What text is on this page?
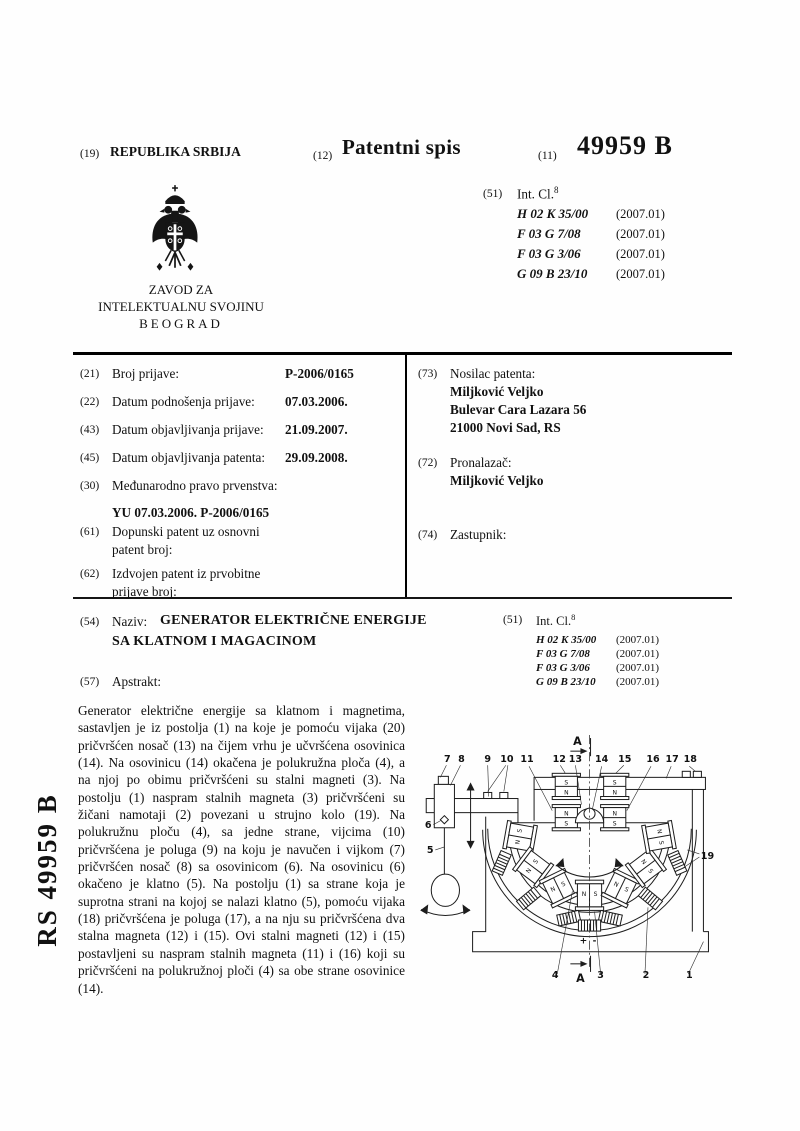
(19) REPUBLIKA SRBIJA	(12) Patentni spis	(11) 49959 B
ZAVOD ZA
INTELEKTUALNU SVOJINU
BEOGRAD
(51) Int. Cl.$^8$
H 02 K 35/00 (2007.01)
F 03 G 7/08	(2007.01)
F 03 G 3/06	(2007.01)
G 09 B 23/10 (2007.01)
(21) Broj prijave:	P-2006/0165
(22) Datum podnošenja prijave: 07.03.2006.
(43) Datum objavljivanja prijave: 21.09.2007.
(45) Datum objavljivanja patenta: 29.09.2008.
(30) Međunarodno pravo prvenstva:
YU 07.03.2006. P-2006/0165
(61) Dopunski patent uz osnovni
patent broj:
(62) Izdvojen patent iz prvobitne
prijave broj:
(73) Nosilac patenta:
Miljković Veljko
Bulevar Cara Lazara 56
21000 Novi Sad, RS
(72) Pronalazač:
Miljković Veljko
(74) Zastupnik:
(54) Naziv: GENERATOR ELEKTRIČNE ENERGIJE
SA KLATNOM I MAGACINOM
(51) Int. Cl.$^8$
H 02 K 35/00 (2007.01)
F 03 G 7/08 (2007.01)
F 03 G 3/06 (2007.01)
G 09 B 23/10 (2007.01)
(57) Apstrakt:

Generator električne energije sa klatnom i magnetima, sastavljen je iz postolja (1) na koje je pomoću vijaka (20) pričvršćen nosač (13) na čijem vrhu je učvršćena osovinica (14). Na osovinicu (14) okačena je polukružna ploča (4), a na njoj po obimu pričvršćeni su stalni magneti (3). Na postolju (1) naspram stalnih magneta (3) pričvršćeni su žičani namotaji (2) povezani u strujno kolo (19). Na polukružnu ploču (4), sa jedne strane, vijcima (10) pričvršćena je poluga (9) na koju je navučen i vijkom (7) pričvršćen nosač (8) sa osovinicom (6). Na osovinicu (6) okačeno je klatno (5). Na postolju (1) sa strane koja je suprotna strani na kojoj se nalazi klatno (5), pomoću vijaka (18) pričvršćena je poluga (17), a na nju su pričvršćena dva stalna magneta (12) i (15). Ovi stalni magneti (12) i (15) postavljeni su naspram stalnih magneta (11) i (16) koji su pričvršćeni na polukružnoj ploči (4) sa obe strane osovinice (14).

RS 49959 B	N
S
N
S
N
S
N S
N
S
N
S
N
S
S
N
S
N
N
S
N
S
A
A
7 8 9 10 11 12 13 14 15 16 17 18
6
5
4	3	2	1
19
+ -
